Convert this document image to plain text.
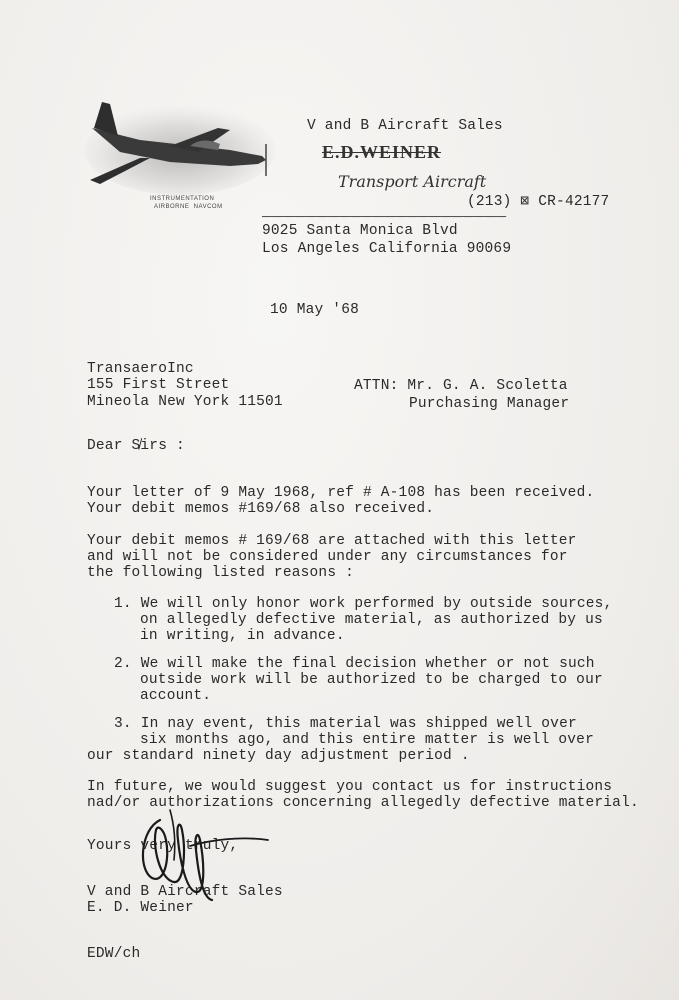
INSTRUMENTATION
AIRBORNE  NAVCOM
V and B Aircraft Sales
E.D.WEINER
Transport Aircraft
(213) ⊠ CR-42177
— — — — — — — — — — — — — — — — — — — — — —
9025 Santa Monica Blvd
Los Angeles California 90069
10 May '68
TransaeroInc
155 First Street
Mineola New York 11501
ATTN: Mr. G. A. Scoletta
Purchasing Manager
Dear S̸irs :
Your letter of 9 May 1968, ref # A-108 has been received.
Your debit memos #169/68 also received.
Your debit memos # 169/68 are attached with this letter
and will not be considered under any circumstances for
the following listed reasons :
1. We will only honor work performed by outside sources,
on allegedly defective material, as authorized by us
in writing, in advance.
2. We will make the final decision whether or not such
outside work will be authorized to be charged to our
account.
3. In nay event, this material was shipped well over
six months ago, and this entire matter is well over
our standard ninety day adjustment period .
In future, we would suggest you contact us for instructions
nad/or authorizations concerning allegedly defective material.
Yours very truly,
V and B Aircraft Sales
E. D. Weiner
EDW/ch
